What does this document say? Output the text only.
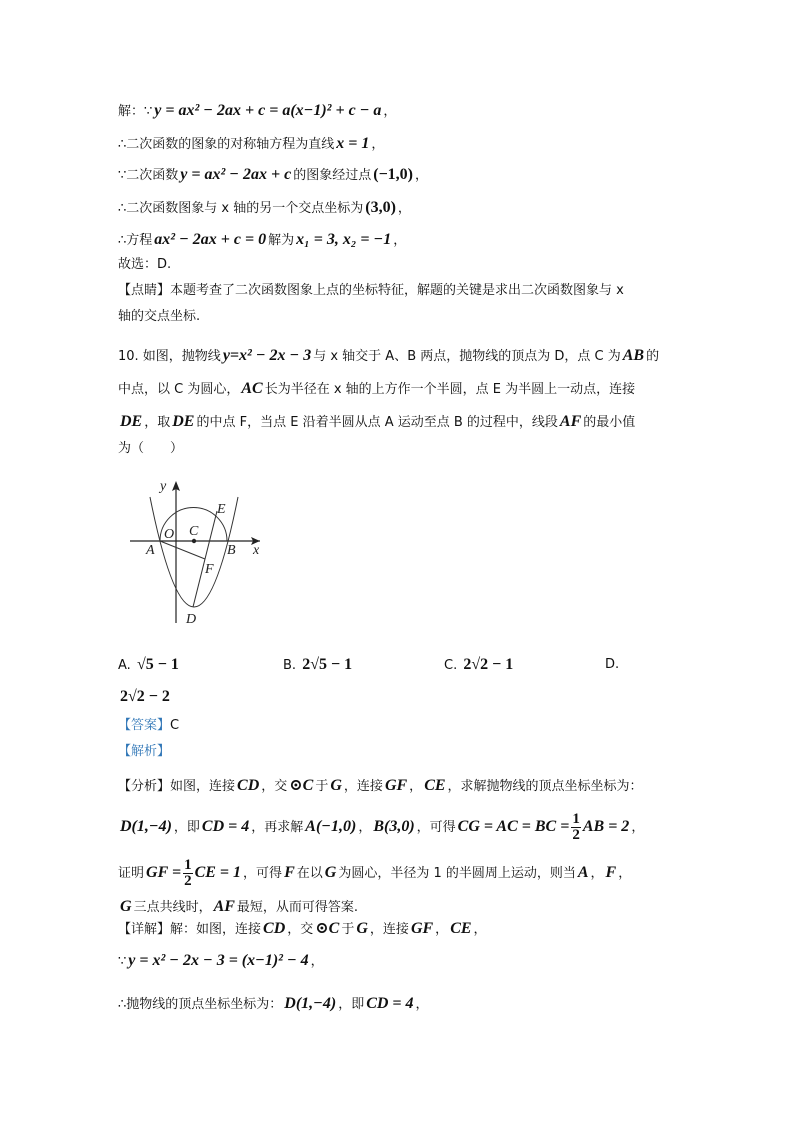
解：∵ y = ax² − 2ax + c = a(x−1)² + c − a ，
∴二次函数的图象的对称轴方程为直线 x = 1 ，
∵二次函数 y = ax² − 2ax + c 的图象经过点 (−1,0) ，
∴二次函数图象与 x 轴的另一个交点坐标为 (3,0) ，
∴方程 ax² − 2ax + c = 0 解为 x₁ = 3, x₂ = −1 ，
故选：D.
【点睛】本题考查了二次函数图象上点的坐标特征，解题的关键是求出二次函数图象与 x
轴的交点坐标.
10. 如图，抛物线 y=x² − 2x − 3 与 x 轴交于 A、B 两点，抛物线的顶点为 D，点 C 为 AB 的
中点，以 C 为圆心， AC 长为半径在 x 轴的上方作一个半圆，点 E 为半圆上一动点，连接
DE ，取 DE 的中点 F，当点 E 沿着半圆从点 A 运动至点 B 的过程中，线段 AF 的最小值
为（　　）
y
x
O C
E
A	B
F
D
A. √5 − 1	B. 2√5 − 1	C. 2√2 − 1	D.
2√2 − 2
【答案】C
【解析】
【分析】如图，连接 CD ，交 ⊙C 于 G ，连接 GF ， CE ，求解抛物线的顶点坐标坐标为：
D(1,−4) ，即 CD = 4 ，再求解 A(−1,0) ， B(3,0) ，可得 CG = AC = BC = $\frac{1}{2}$ AB = 2 ，
证明 GF = $\frac{1}{2}$ CE = 1 ，可得 F 在以 G 为圆心，半径为 1 的半圆周上运动，则当 A ， F ，
G 三点共线时， AF 最短，从而可得答案.
【详解】解：如图，连接 CD ，交 ⊙C 于 G ，连接 GF ， CE ，
∵ y = x² − 2x − 3 = (x−1)² − 4 ，
∴抛物线的顶点坐标坐标为： D(1,−4) ，即 CD = 4 ，
